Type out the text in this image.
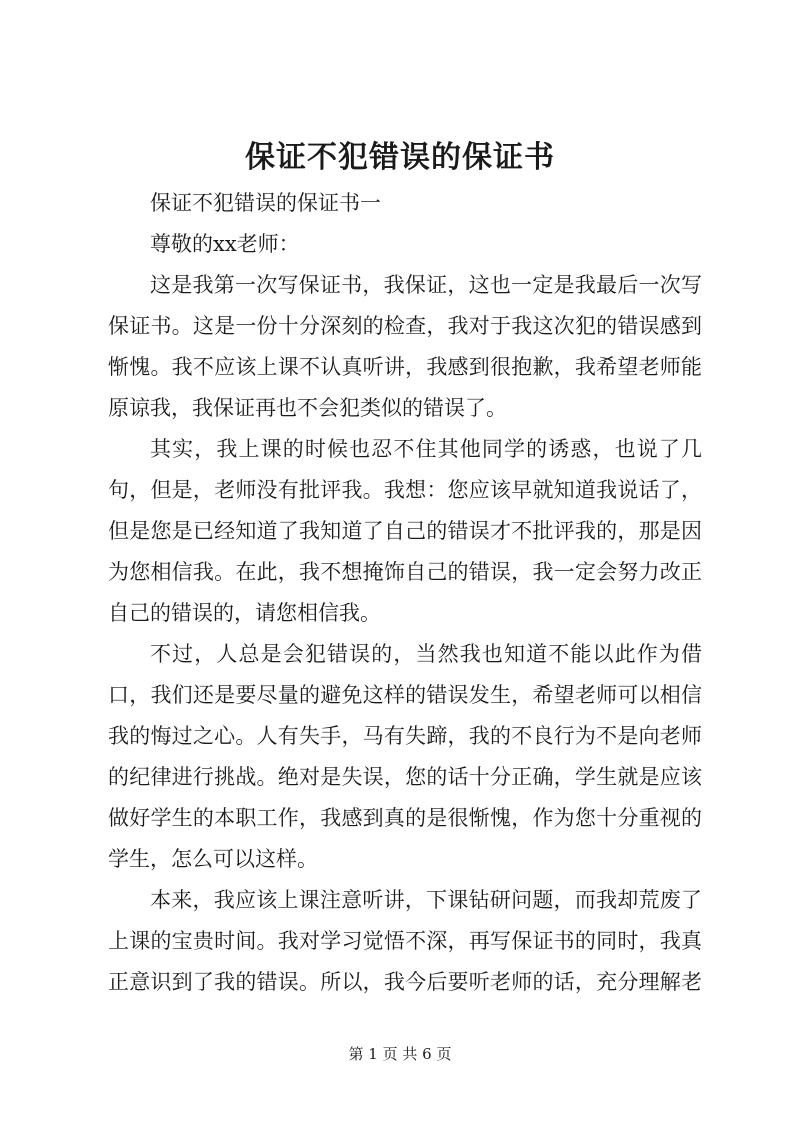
保证不犯错误的保证书

保证不犯错误的保证书一

尊敬的xx老师：

这是我第一次写保证书，我保证，这也一定是我最后一次写保证书。这是一份十分深刻的检查，我对于我这次犯的错误感到惭愧。我不应该上课不认真听讲，我感到很抱歉，我希望老师能原谅我，我保证再也不会犯类似的错误了。

其实，我上课的时候也忍不住其他同学的诱惑，也说了几句，但是，老师没有批评我。我想：您应该早就知道我说话了，但是您是已经知道了我知道了自己的错误才不批评我的，那是因为您相信我。在此，我不想掩饰自己的错误，我一定会努力改正自己的错误的，请您相信我。

不过，人总是会犯错误的，当然我也知道不能以此作为借口，我们还是要尽量的避免这样的错误发生，希望老师可以相信我的悔过之心。人有失手，马有失蹄，我的不良行为不是向老师的纪律进行挑战。绝对是失误，您的话十分正确，学生就是应该做好学生的本职工作，我感到真的是很惭愧，作为您十分重视的学生，怎么可以这样。

本来，我应该上课注意听讲，下课钻研问题，而我却荒废了上课的宝贵时间。我对学习觉悟不深，再写保证书的同时，我真正意识到了我的错误。所以，我今后要听老师的话，充分理解老

第 1 页 共 6 页
